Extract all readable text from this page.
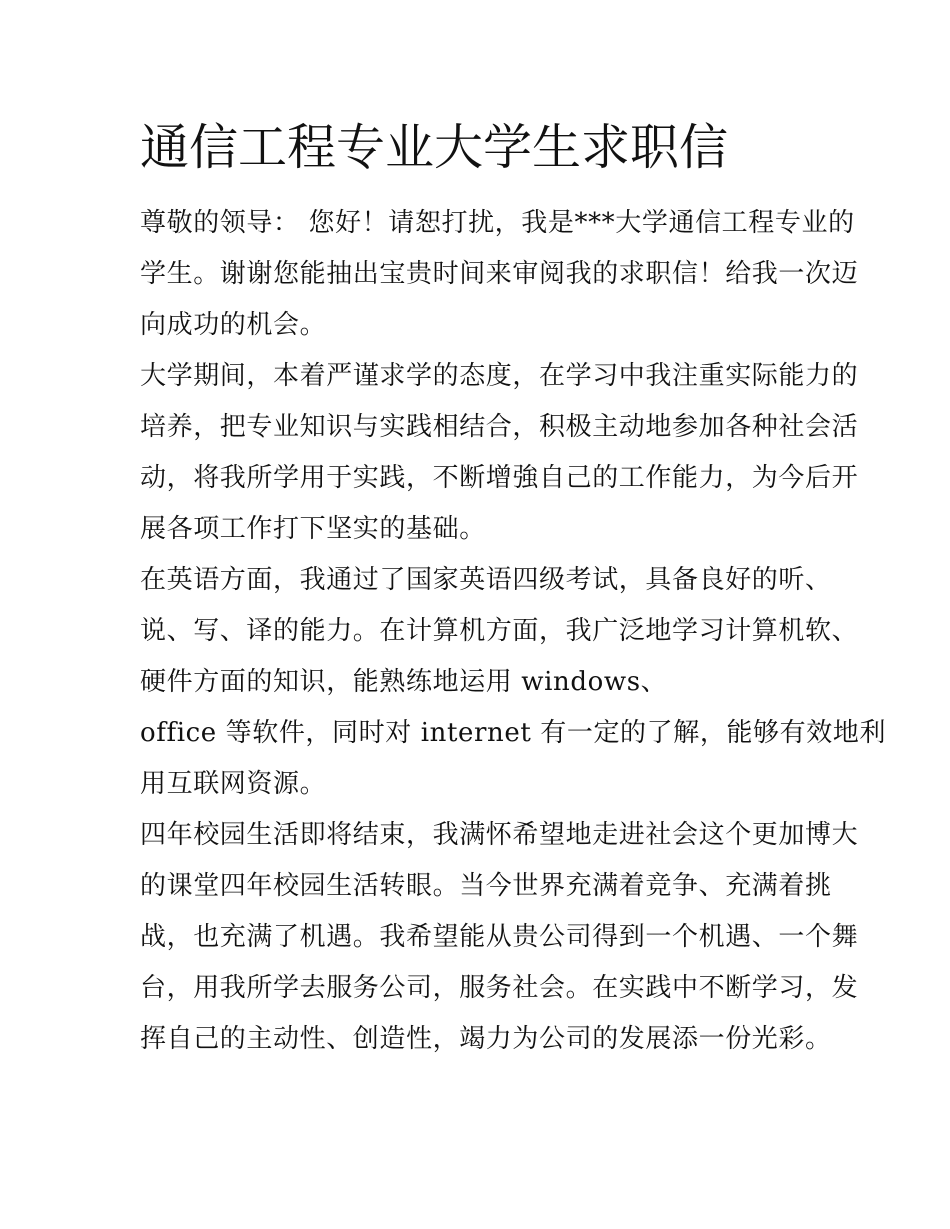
通信工程专业大学生求职信
尊敬的领导： 您好！请恕打扰，我是***大学通信工程专业的
学生。谢谢您能抽出宝贵时间来审阅我的求职信！给我一次迈
向成功的机会。
大学期间，本着严谨求学的态度，在学习中我注重实际能力的
培养，把专业知识与实践相结合，积极主动地参加各种社会活
动，将我所学用于实践，不断增強自己的工作能力，为今后开
展各项工作打下坚实的基础。
在英语方面，我通过了国家英语四级考试，具备良好的听、
说、写、译的能力。在计算机方面，我广泛地学习计算机软、
硬件方面的知识，能熟练地运用 windows、
office 等软件，同时对 internet 有一定的了解，能够有效地利
用互联网资源。
四年校园生活即将结束，我满怀希望地走进社会这个更加博大
的课堂四年校园生活转眼。当今世界充满着竞争、充满着挑
战，也充满了机遇。我希望能从贵公司得到一个机遇、一个舞
台，用我所学去服务公司，服务社会。在实践中不断学习，发
挥自己的主动性、创造性，竭力为公司的发展添一份光彩。
